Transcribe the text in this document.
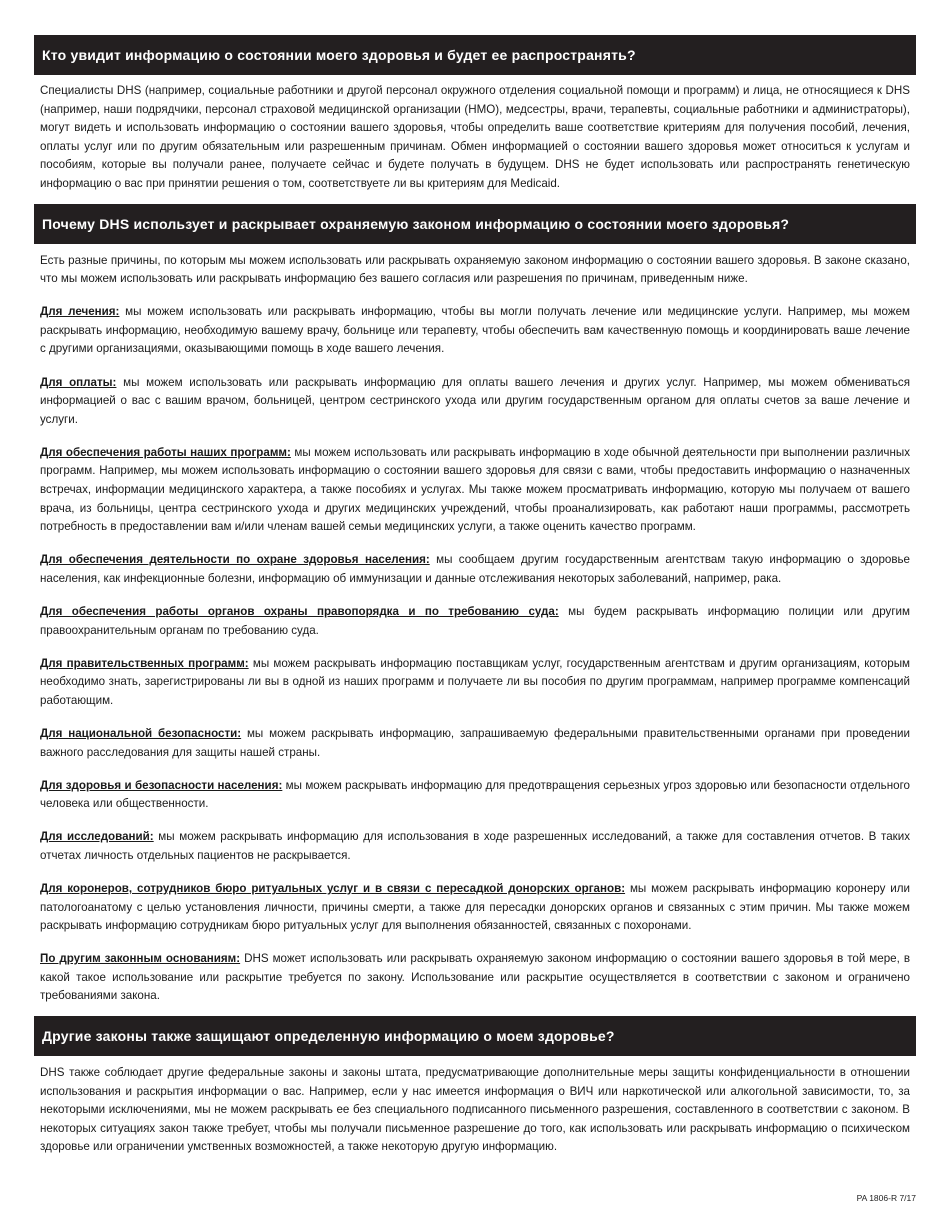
Кто увидит информацию о состоянии моего здоровья и будет ее распространять?

Специалисты DHS (например, социальные работники и другой персонал окружного отделения социальной помощи и программ) и лица, не относящиеся к DHS (например, наши подрядчики, персонал страховой медицинской организации (HMO), медсестры, врачи, терапевты, социальные работники и администраторы), могут видеть и использовать информацию о состоянии вашего здоровья, чтобы определить ваше соответствие критериям для получения пособий, лечения, оплаты услуг или по другим обязательным или разрешенным причинам. Обмен информацией о состоянии вашего здоровья может относиться к услугам и пособиям, которые вы получали ранее, получаете сейчас и будете получать в будущем. DHS не будет использовать или распространять генетическую информацию о вас при принятии решения о том, соответствуете ли вы критериям для Medicaid.

Почему DHS использует и раскрывает охраняемую законом информацию о состоянии моего здоровья?

Есть разные причины, по которым мы можем использовать или раскрывать охраняемую законом информацию о состоянии вашего здоровья. В законе сказано, что мы можем использовать или раскрывать информацию без вашего согласия или разрешения по причинам, приведенным ниже.

Для лечения: мы можем использовать или раскрывать информацию, чтобы вы могли получать лечение или медицинские услуги. Например, мы можем раскрывать информацию, необходимую вашему врачу, больнице или терапевту, чтобы обеспечить вам качественную помощь и координировать ваше лечение с другими организациями, оказывающими помощь в ходе вашего лечения.

Для оплаты: мы можем использовать или раскрывать информацию для оплаты вашего лечения и других услуг. Например, мы можем обмениваться информацией о вас с вашим врачом, больницей, центром сестринского ухода или другим государственным органом для оплаты счетов за ваше лечение и услуги.

Для обеспечения работы наших программ: мы можем использовать или раскрывать информацию в ходе обычной деятельности при выполнении различных программ. Например, мы можем использовать информацию о состоянии вашего здоровья для связи с вами, чтобы предоставить информацию о назначенных встречах, информации медицинского характера, а также пособиях и услугах. Мы также можем просматривать информацию, которую мы получаем от вашего врача, из больницы, центра сестринского ухода и других медицинских учреждений, чтобы проанализировать, как работают наши программы, рассмотреть потребность в предоставлении вам и/или членам вашей семьи медицинских услуги, а также оценить качество программ.

Для обеспечения деятельности по охране здоровья населения: мы сообщаем другим государственным агентствам такую информацию о здоровье населения, как инфекционные болезни, информацию об иммунизации и данные отслеживания некоторых заболеваний, например, рака.

Для обеспечения работы органов охраны правопорядка и по требованию суда: мы будем раскрывать информацию полиции или другим правоохранительным органам по требованию суда.

Для правительственных программ: мы можем раскрывать информацию поставщикам услуг, государственным агентствам и другим организациям, которым необходимо знать, зарегистрированы ли вы в одной из наших программ и получаете ли вы пособия по другим программам, например программе компенсаций работающим.

Для национальной безопасности: мы можем раскрывать информацию, запрашиваемую федеральными правительственными органами при проведении важного расследования для защиты нашей страны.

Для здоровья и безопасности населения: мы можем раскрывать информацию для предотвращения серьезных угроз здоровью или безопасности отдельного человека или общественности.

Для исследований: мы можем раскрывать информацию для использования в ходе разрешенных исследований, а также для составления отчетов. В таких отчетах личность отдельных пациентов не раскрывается.

Для коронеров, сотрудников бюро ритуальных услуг и в связи с пересадкой донорских органов: мы можем раскрывать информацию коронеру или патологоанатому с целью установления личности, причины смерти, а также для пересадки донорских органов и связанных с этим причин. Мы также можем раскрывать информацию сотрудникам бюро ритуальных услуг для выполнения обязанностей, связанных с похоронами.

По другим законным основаниям: DHS может использовать или раскрывать охраняемую законом информацию о состоянии вашего здоровья в той мере, в какой такое использование или раскрытие требуется по закону. Использование или раскрытие осуществляется в соответствии с законом и ограничено требованиями закона.

Другие законы также защищают определенную информацию о моем здоровье?

DHS также соблюдает другие федеральные законы и законы штата, предусматривающие дополнительные меры защиты конфиденциальности в отношении использования и раскрытия информации о вас. Например, если у нас имеется информация о ВИЧ или наркотической или алкогольной зависимости, то, за некоторыми исключениями, мы не можем раскрывать ее без специального подписанного письменного разрешения, составленного в соответствии с законом. В некоторых ситуациях закон также требует, чтобы мы получали письменное разрешение до того, как использовать или раскрывать информацию о психическом здоровье или ограничении умственных возможностей, а также некоторую другую информацию.

PA 1806-R 7/17
